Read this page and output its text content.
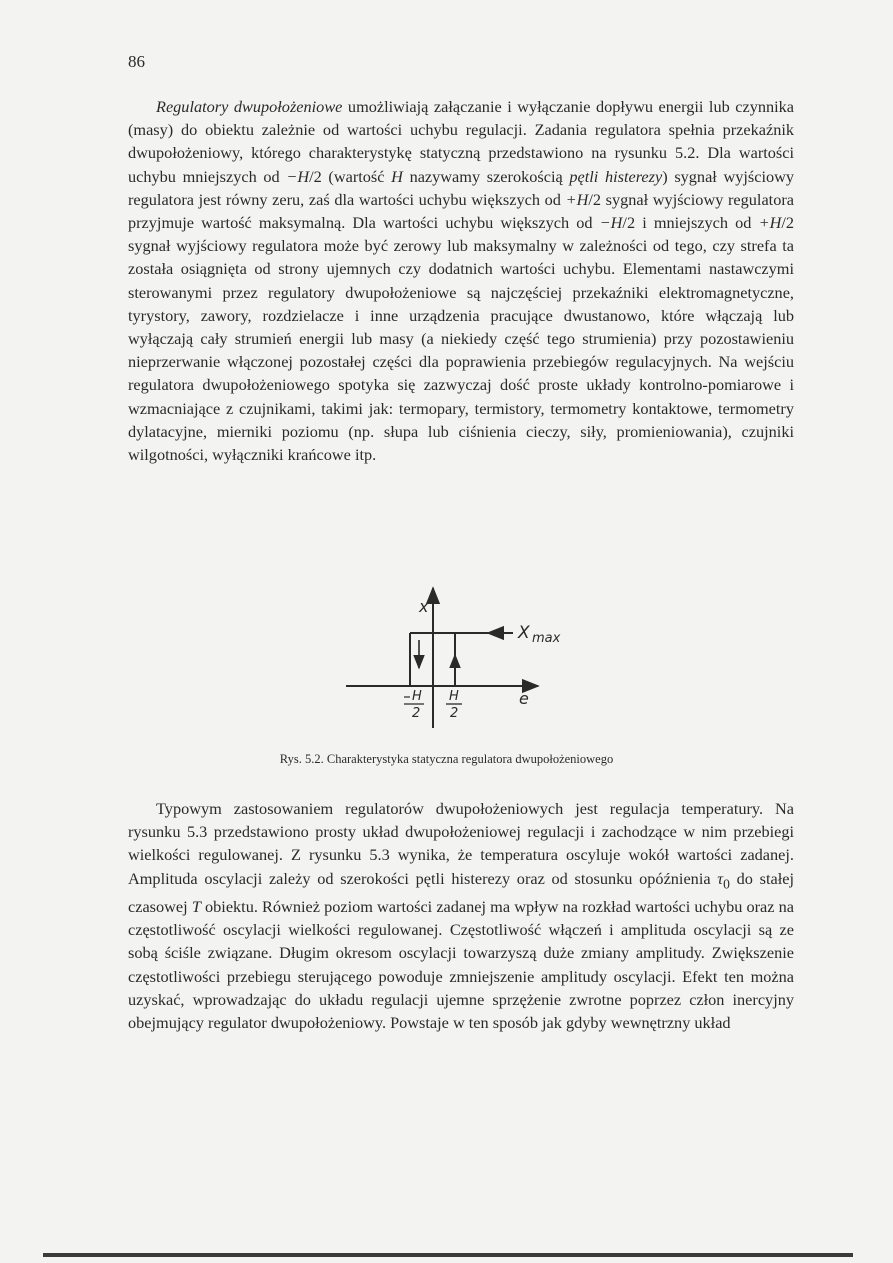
86

Regulatory dwupołożeniowe umożliwiają załączanie i wyłączanie dopływu energii lub czynnika (masy) do obiektu zależnie od wartości uchybu regulacji. Zadania regulatora spełnia przekaźnik dwupołożeniowy, którego charakterystykę statyczną przedstawiono na rysunku 5.2. Dla wartości uchybu mniejszych od −H/2 (wartość H nazywamy szerokością pętli histerezy) sygnał wyjściowy regulatora jest równy zeru, zaś dla wartości uchybu większych od +H/2 sygnał wyjściowy regulatora przyjmuje wartość maksymalną. Dla wartości uchybu większych od −H/2 i mniejszych od +H/2 sygnał wyjściowy regulatora może być zerowy lub maksymalny w zależności od tego, czy strefa ta została osiągnięta od strony ujemnych czy dodatnich wartości uchybu. Elementami nastawczymi sterowanymi przez regulatory dwupołożeniowe są najczęściej przekaźniki elektromagnetyczne, tyrystory, zawory, rozdzielacze i inne urządzenia pracujące dwustanowo, które włączają lub wyłączają cały strumień energii lub masy (a niekiedy część tego strumienia) przy pozostawieniu nieprzerwanie włączonej pozostałej części dla poprawienia przebiegów regulacyjnych. Na wejściu regulatora dwupołożeniowego spotyka się zazwyczaj dość proste układy kontrolno-pomiarowe i wzmacniające z czujnikami, takimi jak: termopary, termistory, termometry kontaktowe, termometry dylatacyjne, mierniki poziomu (np. słupa lub ciśnienia cieczy, siły, promieniowania), czujniki wilgotności, wyłączniki krańcowe itp.

x
e
X max
H
2
H
2
Rys. 5.2. Charakterystyka statyczna regulatora dwupołożeniowego

Typowym zastosowaniem regulatorów dwupołożeniowych jest regulacja temperatury. Na rysunku 5.3 przedstawiono prosty układ dwupołożeniowej regulacji i zachodzące w nim przebiegi wielkości regulowanej. Z rysunku 5.3 wynika, że temperatura oscyluje wokół wartości zadanej. Amplituda oscylacji zależy od szerokości pętli histerezy oraz od stosunku opóźnienia $\tau_0$ do stałej czasowej T obiektu. Również poziom wartości zadanej ma wpływ na rozkład wartości uchybu oraz na częstotliwość oscylacji wielkości regulowanej. Częstotliwość włączeń i amplituda oscylacji są ze sobą ściśle związane. Długim okresom oscylacji towarzyszą duże zmiany amplitudy. Zwiększenie częstotliwości przebiegu sterującego powoduje zmniejszenie amplitudy oscylacji. Efekt ten można uzyskać, wprowadzając do układu regulacji ujemne sprzężenie zwrotne poprzez człon inercyjny obejmujący regulator dwupołożeniowy. Powstaje w ten sposób jak gdyby wewnętrzny układ
